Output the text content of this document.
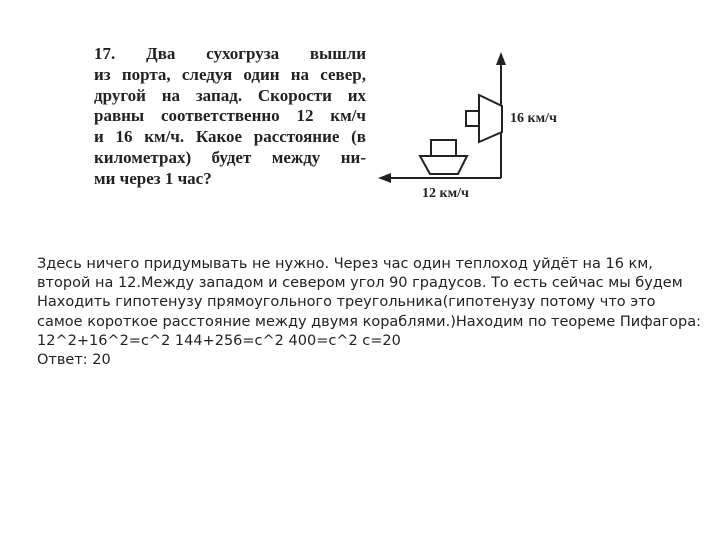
17. Два сухогруза вышли
из порта, следуя один на север,
другой на запад. Скорости их
равны соответственно 12 км/ч
и 16 км/ч. Какое расстояние (в
километрах) будет между ни-
ми через 1 час?
16 км/ч
12 км/ч
Здесь ничего придумывать не нужно. Через час один теплоход уйдёт на 16 км,
второй на 12.Между западом и севером угол 90 градусов. То есть сейчас мы будем
Находить гипотенузу прямоугольного треугольника(гипотенузу потому что это
самое короткое расстояние между двумя кораблями.)Находим по теореме Пифагора:
12^2+16^2=c^2 144+256=c^2 400=c^2 c=20
Ответ: 20
